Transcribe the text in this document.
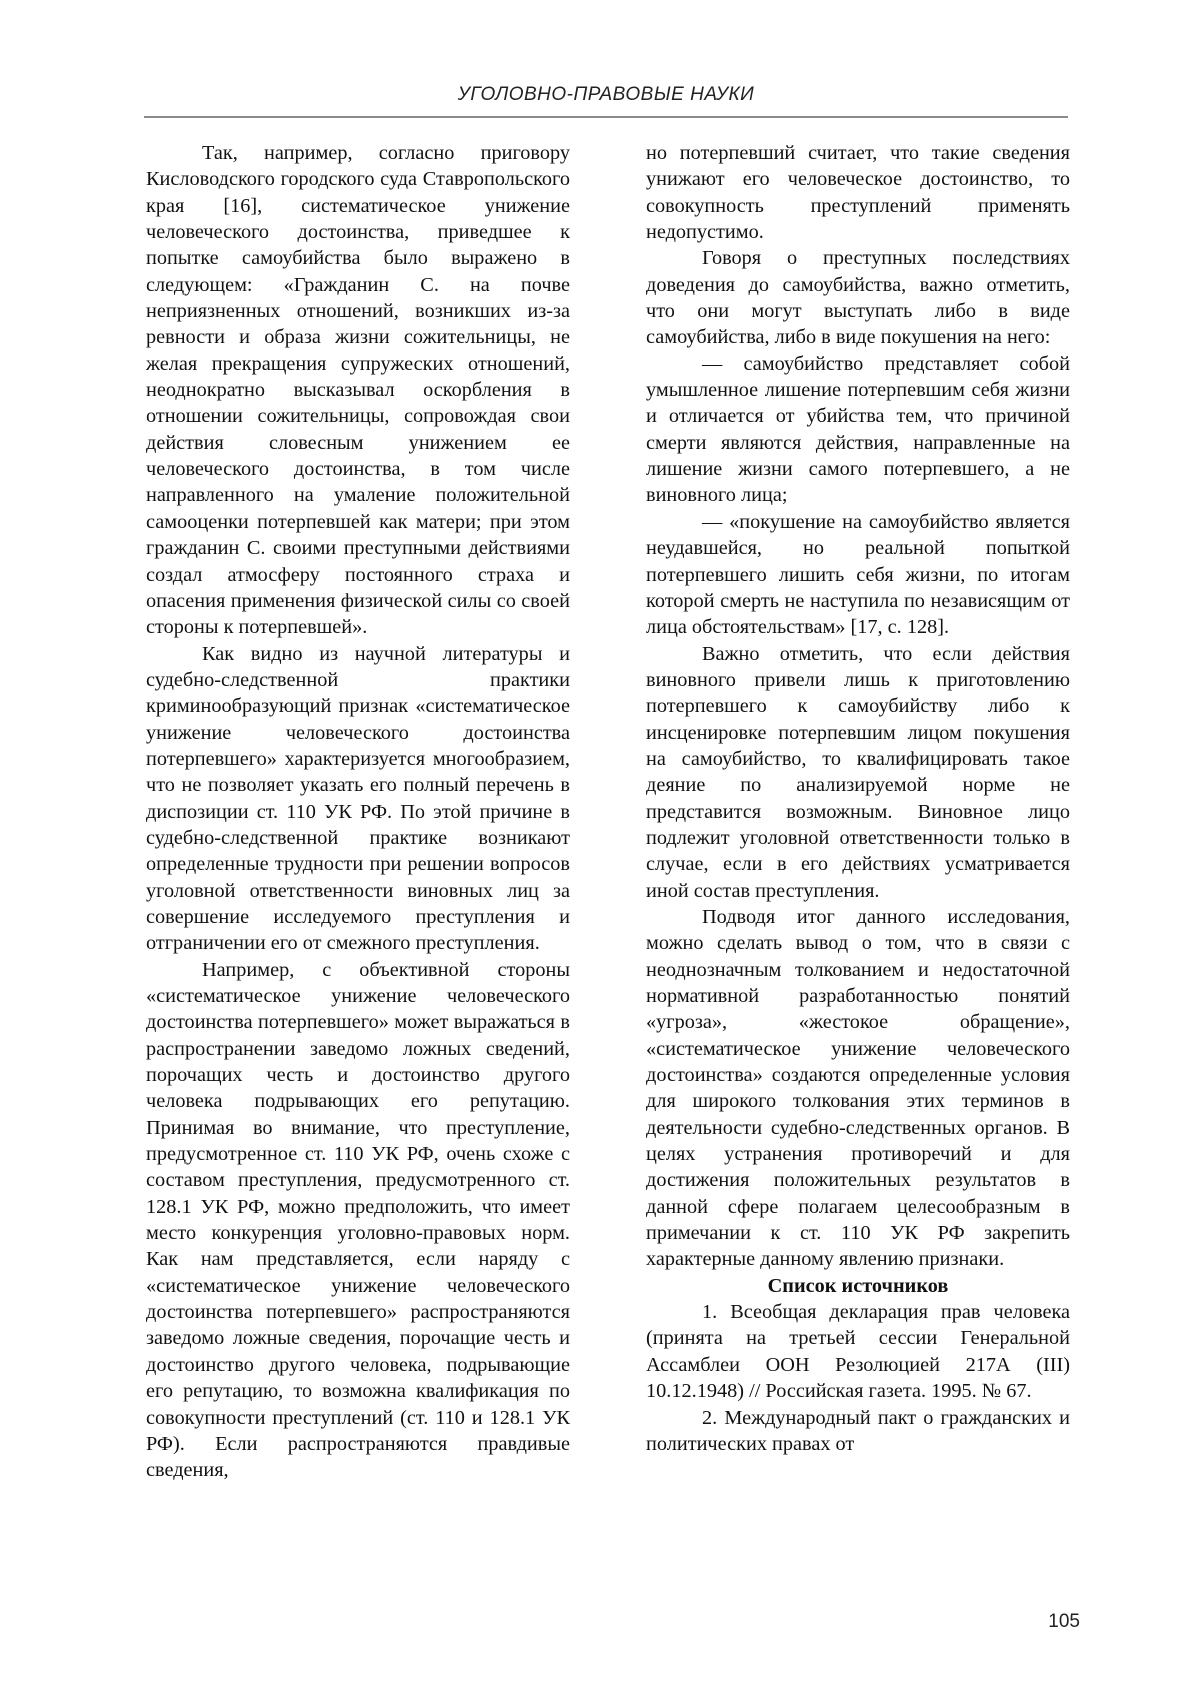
УГОЛОВНО-ПРАВОВЫЕ НАУКИ

Так, например, согласно приговору Кисловодского городского суда Ставропольского края [16], систематическое унижение человеческого достоинства, приведшее к попытке самоубийства было выражено в следующем: «Гражданин С. на почве неприязненных отношений, возникших из-за ревности и образа жизни сожительницы, не желая прекращения супружеских отношений, неоднократно высказывал оскорбления в отношении сожительницы, сопровождая свои действия словесным унижением ее человеческого достоинства, в том числе направленного на умаление положительной самооценки потерпевшей как матери; при этом гражданин С. своими преступными действиями создал атмосферу постоянного страха и опасения применения физической силы со своей стороны к потерпевшей».

Как видно из научной литературы и судебно-следственной практики криминообразующий признак «систематическое унижение человеческого достоинства потерпевшего» характеризуется многообразием, что не позволяет указать его полный перечень в диспозиции ст. 110 УК РФ. По этой причине в судебно-следственной практике возникают определенные трудности при решении вопросов уголовной ответственности виновных лиц за совершение исследуемого преступления и отграничении его от смежного преступления.

Например, с объективной стороны «систематическое унижение человеческого достоинства потерпевшего» может выражаться в распространении заведомо ложных сведений, порочащих честь и достоинство другого человека подрывающих его репутацию. Принимая во внимание, что преступление, предусмотренное ст. 110 УК РФ, очень схоже с составом преступления, предусмотренного ст. 128.1 УК РФ, можно предположить, что имеет место конкуренция уголовно-правовых норм. Как нам представляется, если наряду с «систематическое унижение человеческого достоинства потерпевшего» распространяются заведомо ложные сведения, порочащие честь и достоинство другого человека, подрывающие его репутацию, то возможна квалификация по совокупности преступлений (ст. 110 и 128.1 УК РФ). Если распространяются правдивые сведения,

но потерпевший считает, что такие сведения унижают его человеческое достоинство, то совокупность преступлений применять недопустимо.

Говоря о преступных последствиях доведения до самоубийства, важно отметить, что они могут выступать либо в виде самоубийства, либо в виде покушения на него:

— самоубийство представляет собой умышленное лишение потерпевшим себя жизни и отличается от убийства тем, что причиной смерти являются действия, направленные на лишение жизни самого потерпевшего, а не виновного лица;

— «покушение на самоубийство является неудавшейся, но реальной попыткой потерпевшего лишить себя жизни, по итогам которой смерть не наступила по независящим от лица обстоятельствам» [17, с. 128].

Важно отметить, что если действия виновного привели лишь к приготовлению потерпевшего к самоубийству либо к инсценировке потерпевшим лицом покушения на самоубийство, то квалифицировать такое деяние по анализируемой норме не представится возможным. Виновное лицо подлежит уголовной ответственности только в случае, если в его действиях усматривается иной состав преступления.

Подводя итог данного исследования, можно сделать вывод о том, что в связи с неоднозначным толкованием и недостаточной нормативной разработанностью понятий «угроза», «жестокое обращение», «систематическое унижение человеческого достоинства» создаются определенные условия для широкого толкования этих терминов в деятельности судебно-следственных органов. В целях устранения противоречий и для достижения положительных результатов в данной сфере полагаем целесообразным в примечании к ст. 110 УК РФ закрепить характерные данному явлению признаки.

Список источников

1. Всеобщая декларация прав человека (принята на третьей сессии Генеральной Ассамблеи ООН Резолюцией 217А (III) 10.12.1948) // Российская газета. 1995. № 67.

2. Международный пакт о гражданских и политических правах от

105
